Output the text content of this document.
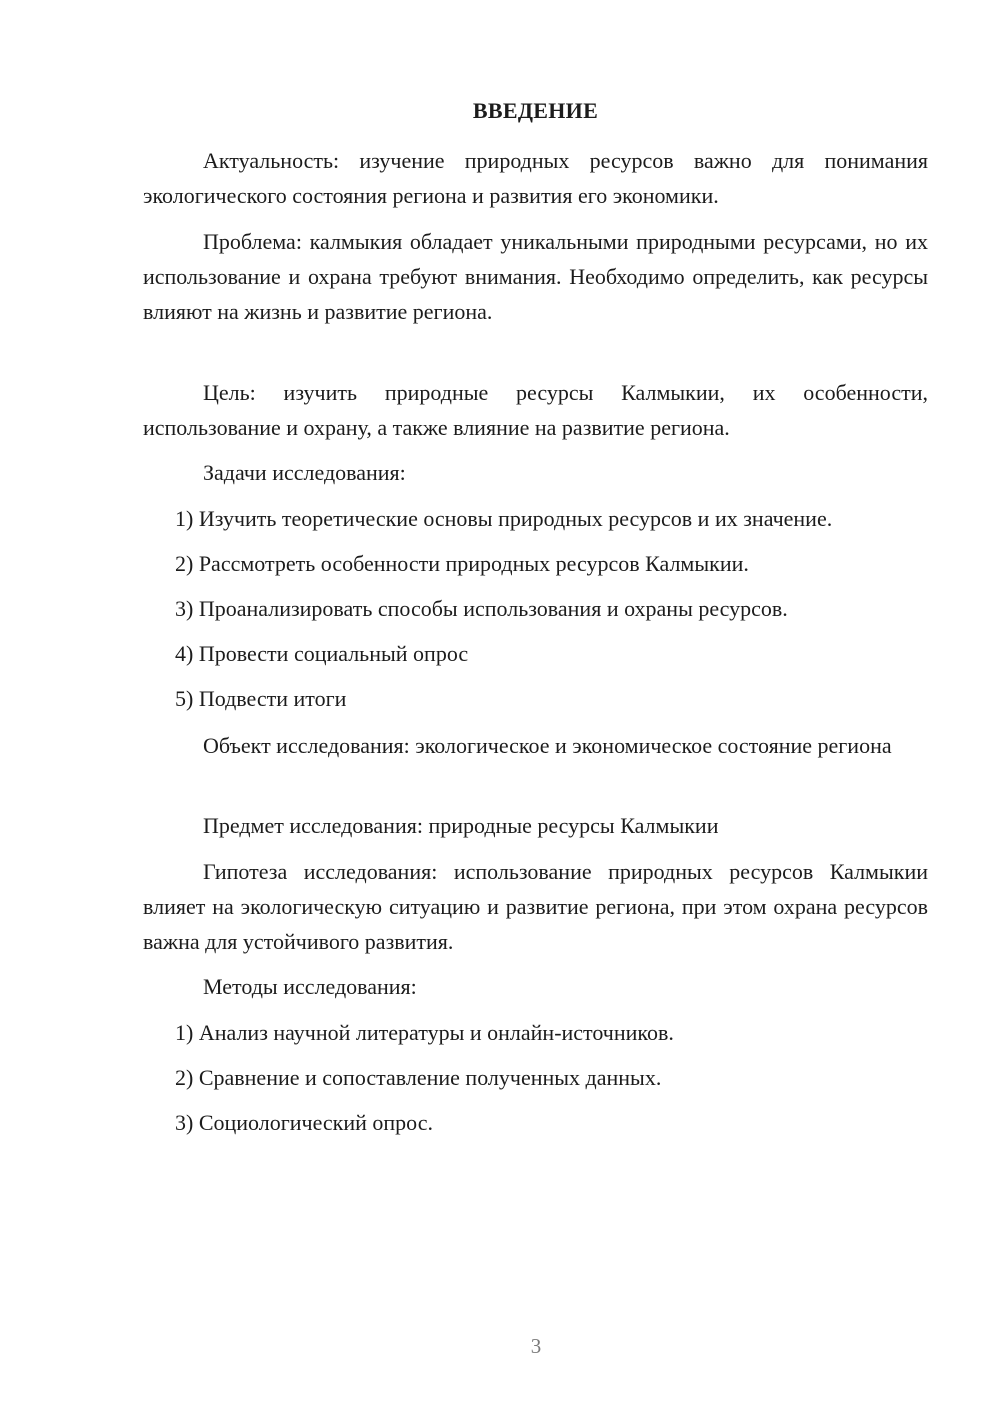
ВВЕДЕНИЕ

Актуальность: изучение природных ресурсов важно для понимания экологического состояния региона и развития его экономики.

Проблема: калмыкия обладает уникальными природными ресурсами, но их использование и охрана требуют внимания. Необходимо определить, как ресурсы влияют на жизнь и развитие региона.

Цель: изучить природные ресурсы Калмыкии, их особенности, использование и охрану, а также влияние на развитие региона.

Задачи исследования:

1) Изучить теоретические основы природных ресурсов и их значение.

2) Рассмотреть особенности природных ресурсов Калмыкии.

3) Проанализировать способы использования и охраны ресурсов.

4) Провести социальный опрос

5) Подвести итоги

Объект исследования: экологическое и экономическое состояние региона

Предмет исследования: природные ресурсы Калмыкии

Гипотеза исследования: использование природных ресурсов Калмыкии влияет на экологическую ситуацию и развитие региона, при этом охрана ресурсов важна для устойчивого развития.

Методы исследования:

1) Анализ научной литературы и онлайн-источников.

2) Сравнение и сопоставление полученных данных.

3) Социологический опрос.

3
